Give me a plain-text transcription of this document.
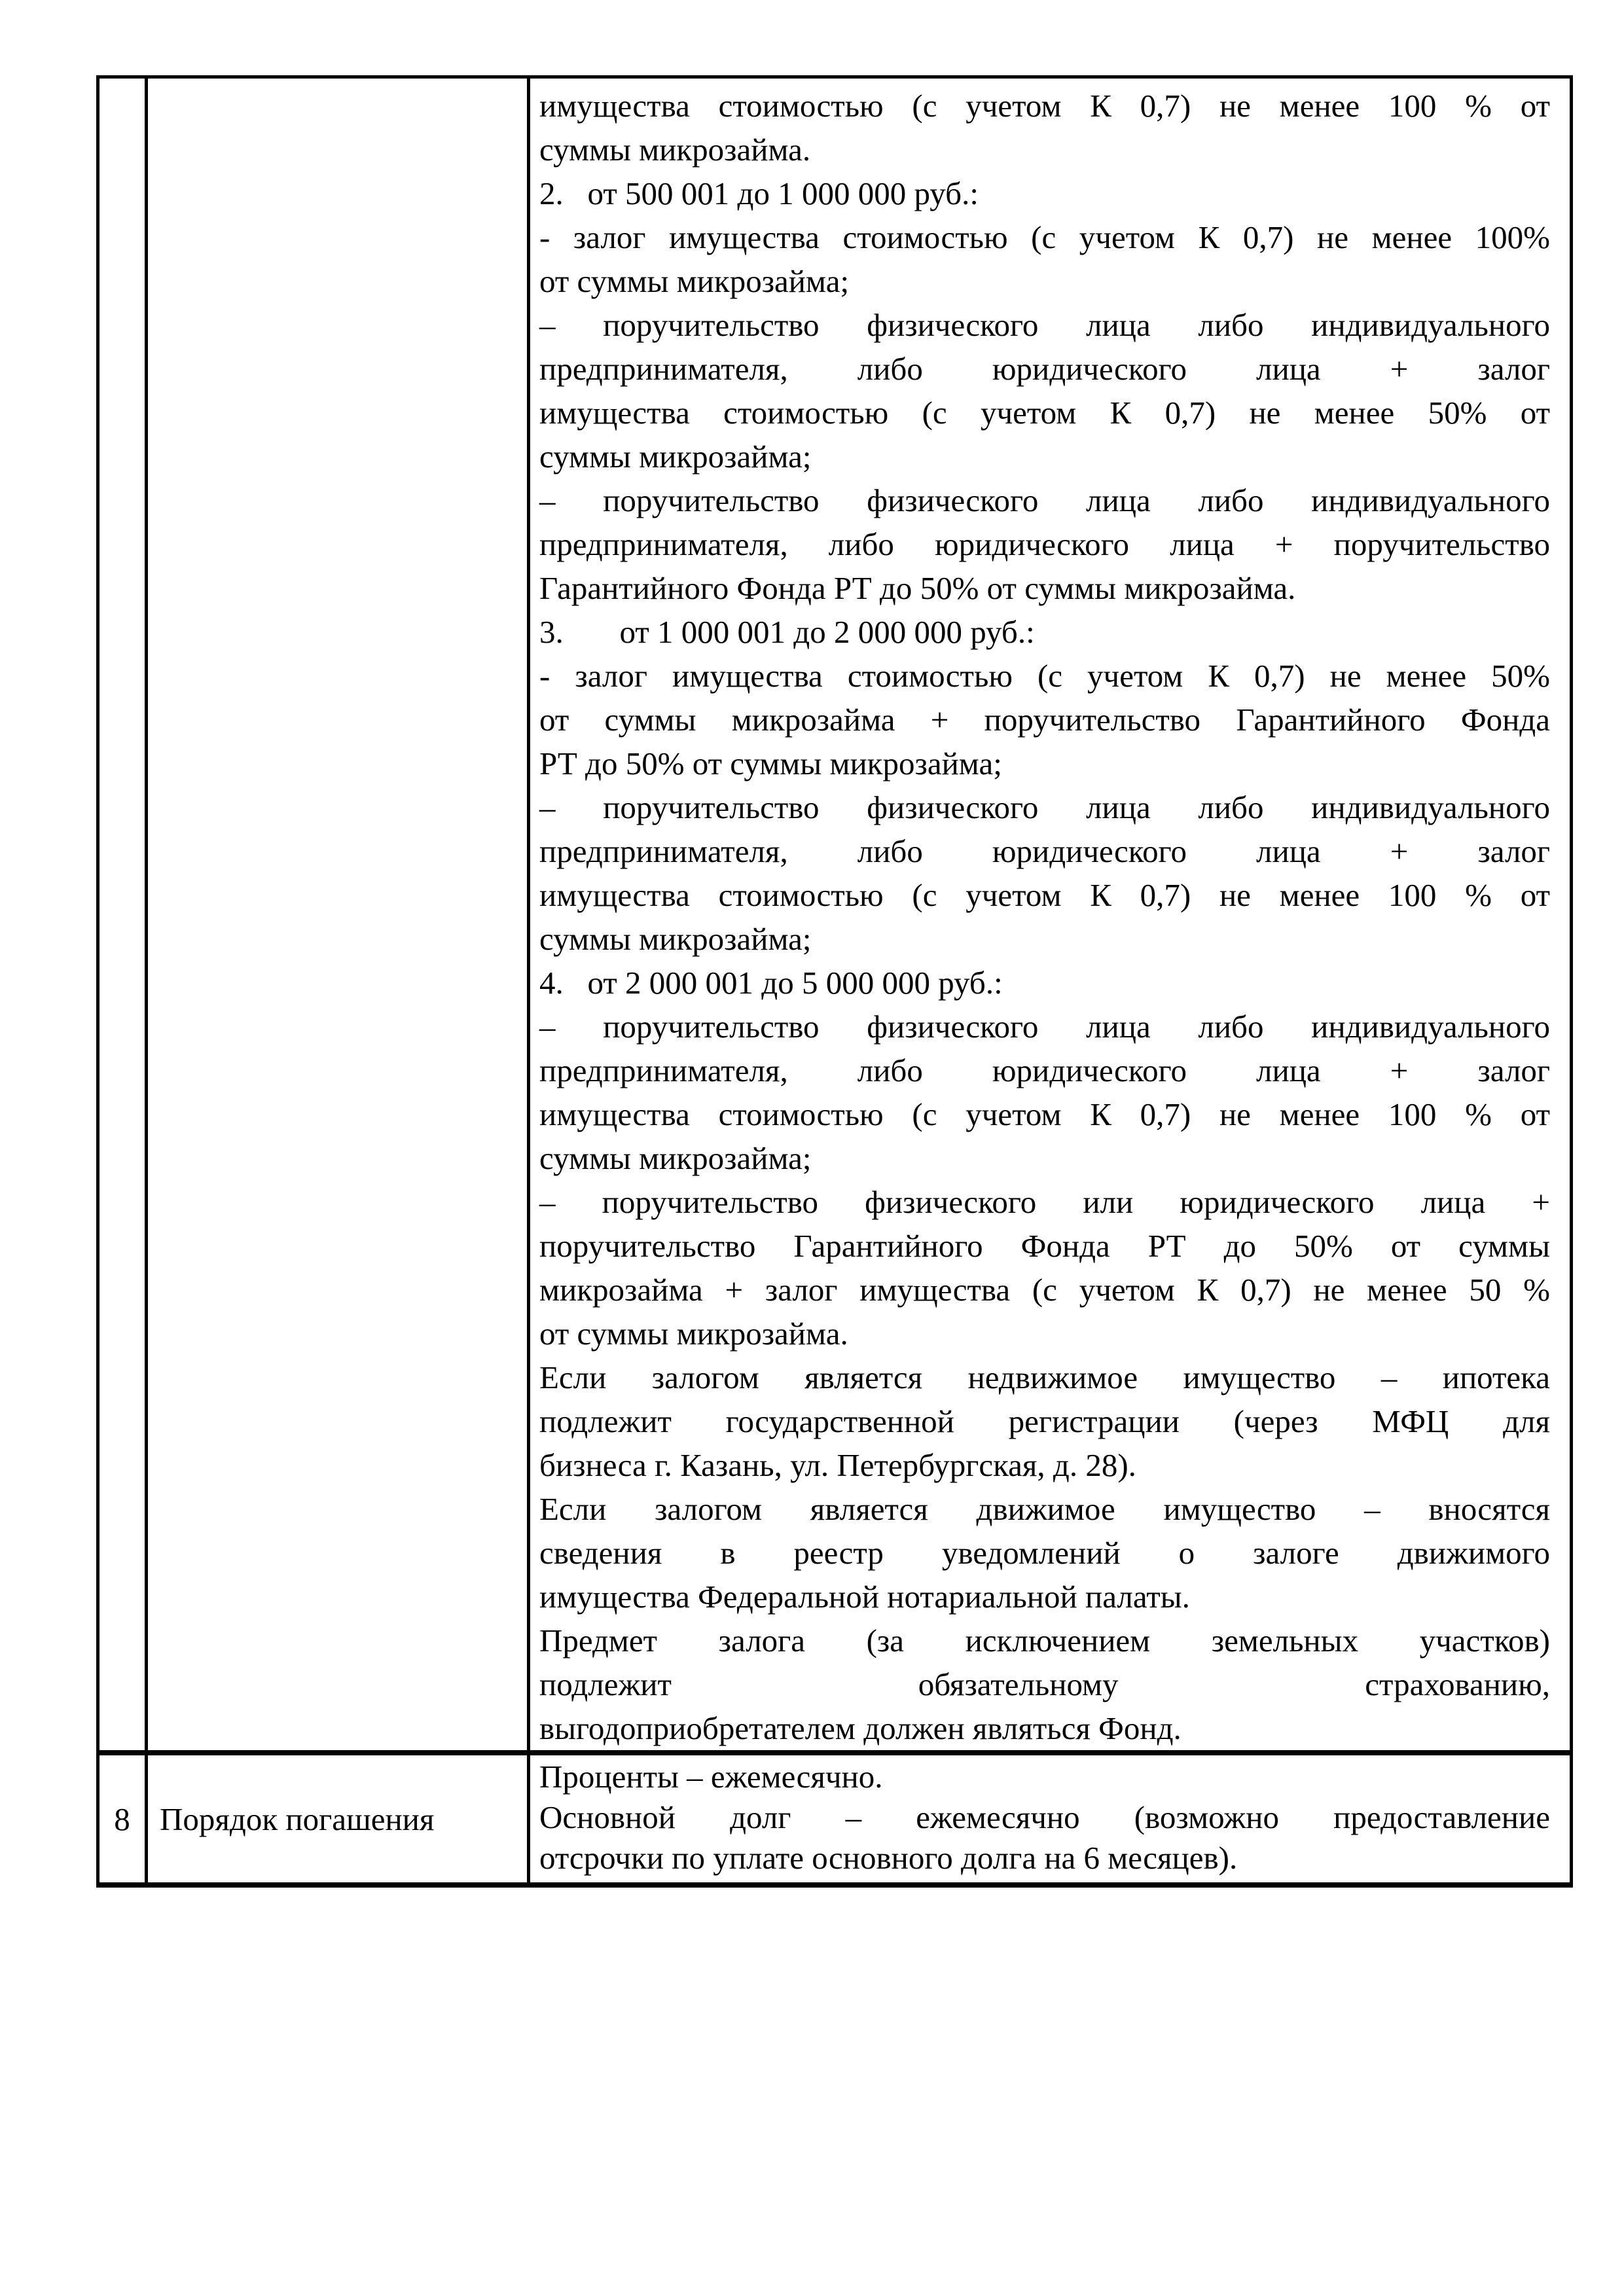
имущества стоимостью (с учетом К 0,7) не менее 100 % от
суммы микрозайма.
2.   от 500 001 до 1 000 000 руб.:
- залог имущества стоимостью (с учетом К 0,7) не менее 100%
от суммы микрозайма;
– поручительство физического лица либо индивидуального
предпринимателя, либо юридического лица + залог
имущества стоимостью (с учетом К 0,7) не менее 50% от
суммы микрозайма;
– поручительство физического лица либо индивидуального
предпринимателя, либо юридического лица + поручительство
Гарантийного Фонда РТ до 50% от суммы микрозайма.
3.       от 1 000 001 до 2 000 000 руб.:
- залог имущества стоимостью (с учетом К 0,7) не менее 50%
от суммы микрозайма + поручительство Гарантийного Фонда
РТ до 50% от суммы микрозайма;
– поручительство физического лица либо индивидуального
предпринимателя, либо юридического лица + залог
имущества стоимостью (с учетом К 0,7) не менее 100 % от
суммы микрозайма;
4.   от 2 000 001 до 5 000 000 руб.:
– поручительство физического лица либо индивидуального
предпринимателя, либо юридического лица + залог
имущества стоимостью (с учетом К 0,7) не менее 100 % от
суммы микрозайма;
– поручительство физического или юридического лица +
поручительство Гарантийного Фонда РТ до 50% от суммы
микрозайма + залог имущества (с учетом К 0,7) не менее 50 %
от суммы микрозайма.
Если залогом является недвижимое имущество – ипотека
подлежит государственной регистрации (через МФЦ для
бизнеса г. Казань, ул. Петербургская, д. 28).
Если залогом является движимое имущество – вносятся
сведения в реестр уведомлений о залоге движимого
имущества Федеральной нотариальной палаты.
Предмет залога (за исключением земельных участков)
подлежит обязательному страхованию,
выгодоприобретателем должен являться Фонд.

8	Порядок погашения	Проценты – ежемесячно.
Основной долг – ежемесячно (возможно предоставление
отсрочки по уплате основного долга на 6 месяцев).
